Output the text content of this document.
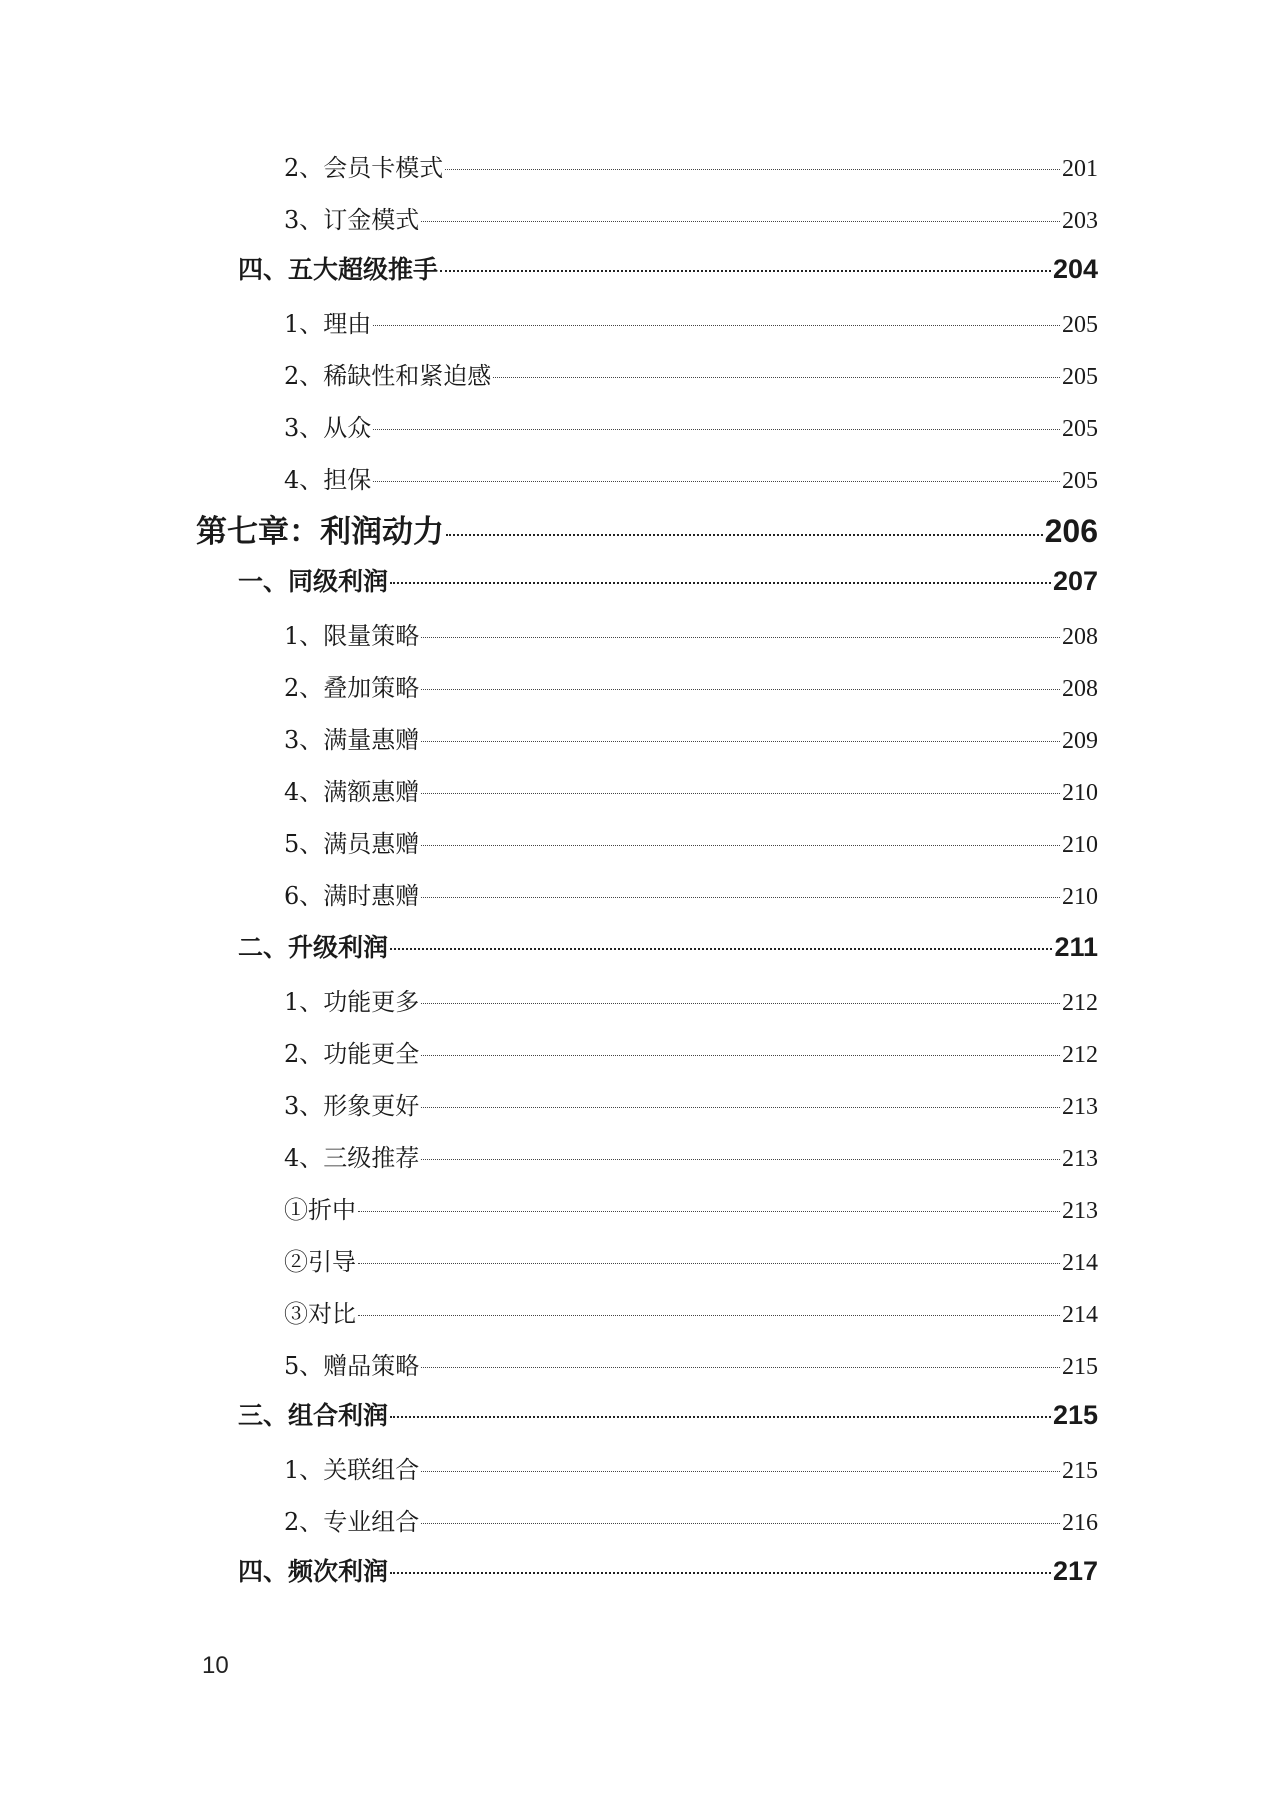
2、会员卡模式	201
3、订金模式	203
四、五大超级推手	204
1、理由	205
2、稀缺性和紧迫感	205
3、从众	205
4、担保	205
第七章：利润动力	206
一、同级利润	207
1、限量策略	208
2、叠加策略	208
3、满量惠赠	209
4、满额惠赠	210
5、满员惠赠	210
6、满时惠赠	210
二、升级利润	211
1、功能更多	212
2、功能更全	212
3、形象更好	213
4、三级推荐	213
①折中	213
②引导	214
③对比	214
5、赠品策略	215
三、组合利润	215
1、关联组合	215
2、专业组合	216
四、频次利润	217
10
